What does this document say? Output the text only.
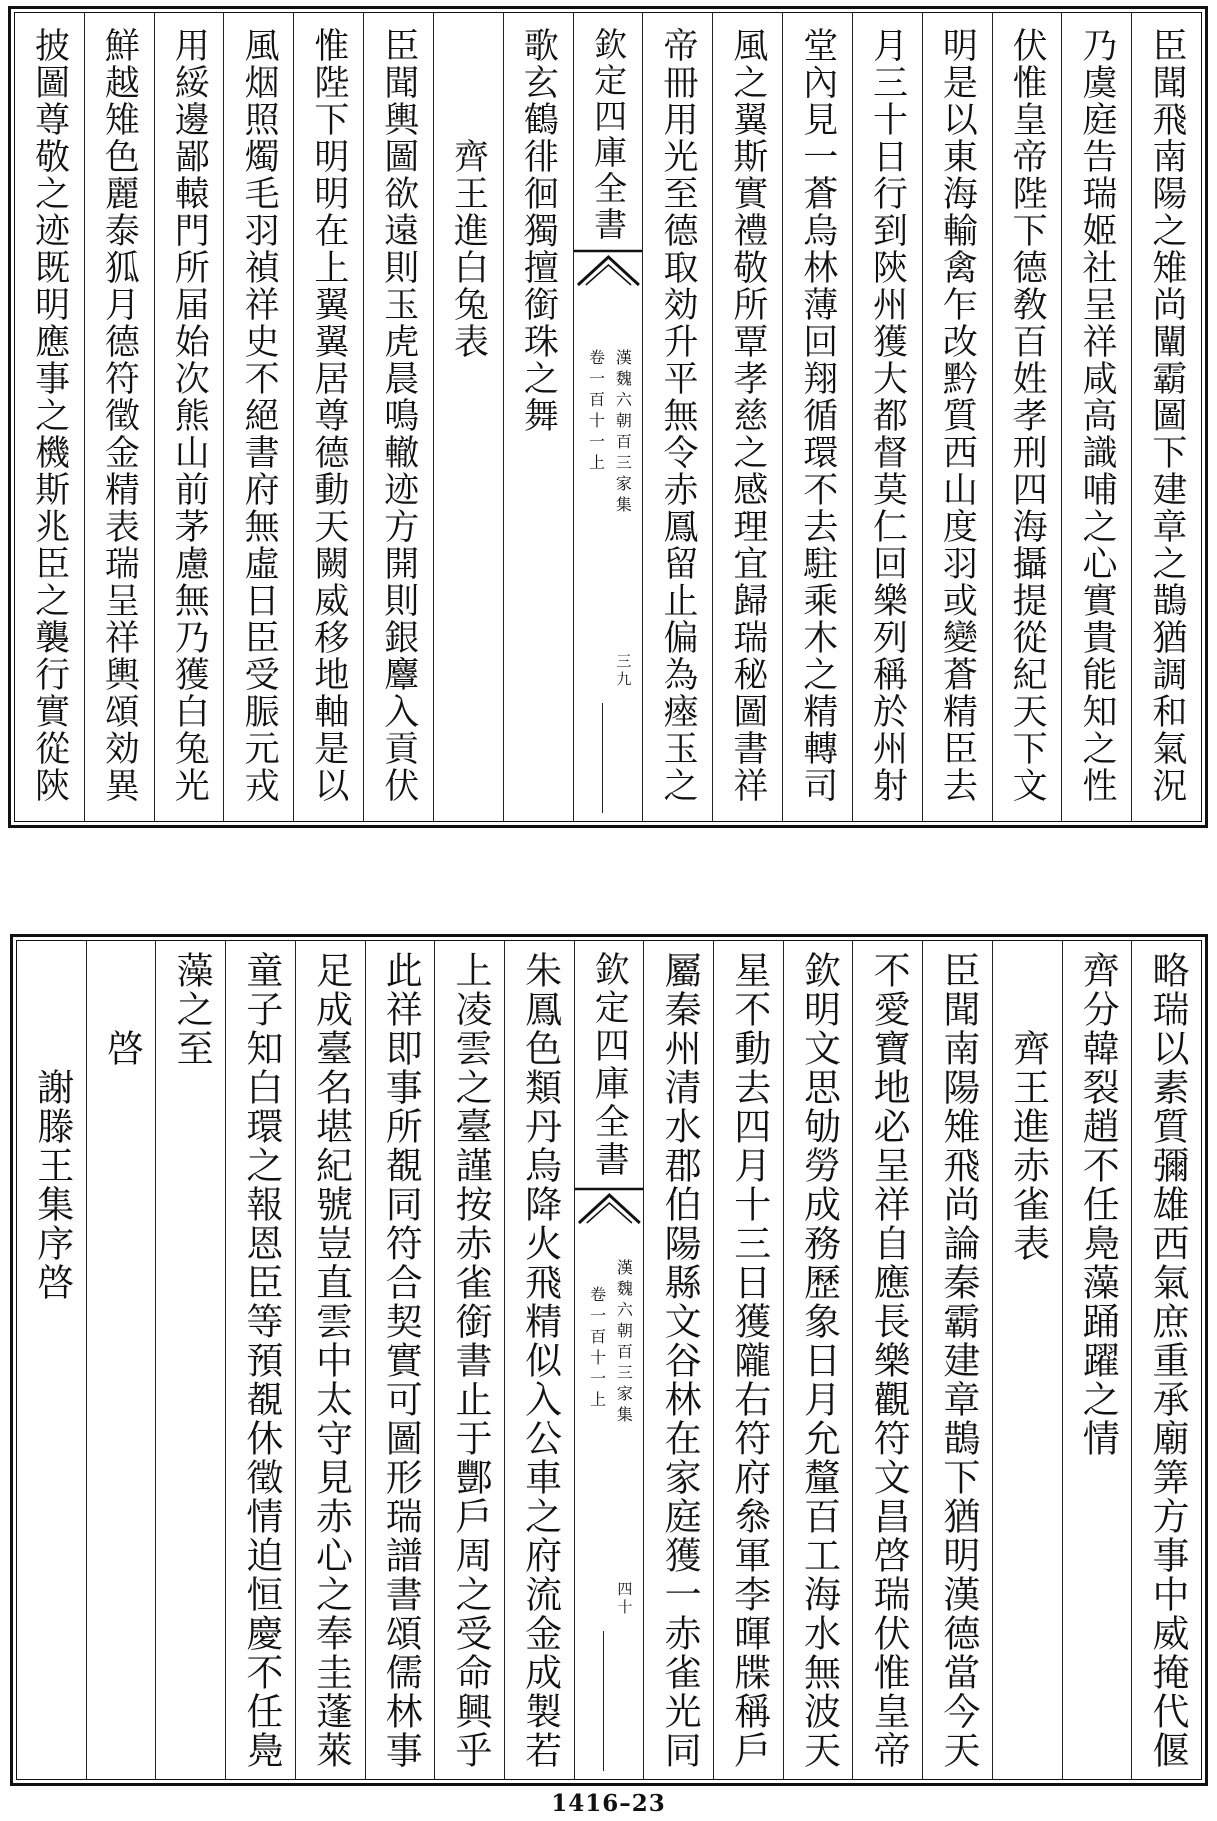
臣聞飛南陽之雉尚闡霸圖下建章之鵲猶調和氣況
乃虞庭告瑞姬社呈祥咸高識哺之心實貴能知之性
伏惟皇帝陛下德敎百姓孝刑四海攝提從紀天下文
明是以東海輸禽乍改黔質西山度羽或變蒼精臣去
月三十日行到陝州獲大都督莫仁回樂列稱於州射
堂內見一蒼烏林薄回翔循環不去駐乘木之精轉司
風之翼斯實禮敬所覃孝慈之感理宜歸瑞秘圖書祥
帝冊用光至德取効升平無令赤鳳留止偏為瘞玉之
欽定四庫全書
漢魏六朝百三家集
卷一百十一上
三九
歌玄鶴徘徊獨擅銜珠之舞
齊王進白兔表
臣聞輿圖欲遠則玉虎晨鳴轍迹方開則銀麞入貢伏
惟陛下明明在上翼翼居尊德動天闕威移地軸是以
風烟照燭毛羽禎祥史不絕書府無虛日臣受脤元戎
用綏邊鄙轅門所届始次熊山前茅慮無乃獲白兔光
鮮越雉色麗泰狐月德符徵金精表瑞呈祥輿頌効異
披圖尊敬之迹既明應事之機斯兆臣之襲行實從陝
略瑞以素質彌雄西氣庶重承廟筭方事中威掩代偃
齊分韓裂趙不任鳧藻踊躍之情
齊王進赤雀表
臣聞南陽雉飛尚論秦霸建章鵲下猶明漢德當今天
不愛寶地必呈祥自應長樂觀符文昌啓瑞伏惟皇帝
欽明文思劬勞成務歷象日月允釐百工海水無波天
星不動去四月十三日獲隴右符府叅軍李暉牒稱戶
屬秦州清水郡伯陽縣文谷林在家庭獲一赤雀光同
欽定四庫全書
漢魏六朝百三家集
卷一百十一上
四十
朱鳳色類丹烏降火飛精似入公車之府流金成製若
上凌雲之臺謹按赤雀銜書止于酆戶周之受命興乎
此祥即事所覩同符合契實可圖形瑞譜書頌儒林事
足成臺名堪紀號豈直雲中太守見赤心之奉圭蓬萊
童子知白環之報恩臣等預覩休徵情迫恒慶不任鳧
藻之至
啓
謝滕王集序啓
1416–23
